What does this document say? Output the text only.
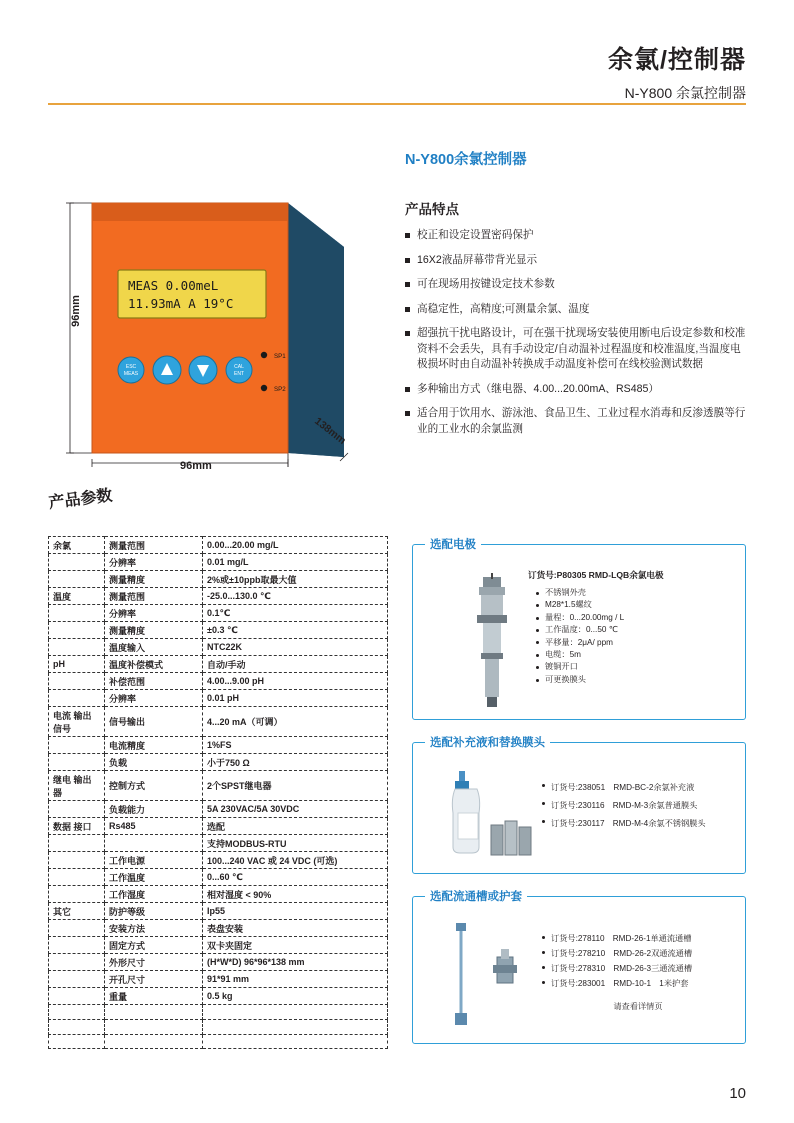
余氯/控制器
N-Y800 余氯控制器
N-Y800余氯控制器
产品特点
校正和设定设置密码保护
16X2液晶屏幕带背光显示
可在现场用按键设定技术参数
高稳定性，高精度;可测量余氯、温度
超强抗干扰电路设计，可在强干扰现场安装使用断电后设定参数和校准资料不会丢失，具有手动设定/自动温补过程温度和校准温度,当温度电极损坏时由自动温补转换成手动温度补偿可在线校验测试数据
多种输出方式（继电器、4.00...20.00mA、RS485）
适合用于饮用水、游泳池、食品卫生、工业过程水消毒和反渗透膜等行业的工业水的余氯监测
MEAS 0.00meL
11.93mA A 19°C
ESC
MEAS
CAL
ENT
SP1
SP2
96mm
96mm
138mm
产品参数
余氯	测量范围	0.00...20.00 mg/L
	分辨率	0.01 mg/L
	测量精度	2%或±10ppb取最大值
温度	测量范围	-25.0...130.0 ℃
	分辨率	0.1℃
	测量精度	±0.3 ℃
	温度输入	NTC22K
pH	温度补偿模式	自动/手动
	补偿范围	4.00...9.00 pH
	分辨率	0.01 pH
电流 输出信号	信号输出	4...20 mA（可调）
	电流精度	1%FS
	负载	小于750 Ω
继电 输出器	控制方式	2个SPST继电器
	负载能力	5A 230VAC/5A 30VDC
数据 接口	Rs485	选配
		支持MODBUS-RTU
	工作电源	100...240 VAC 或 24 VDC (可选)
	工作温度	0...60 ℃
	工作湿度	相对湿度 < 90%
其它	防护等级	Ip55
	安装方法	表盘安装
	固定方式	双卡夹固定
	外形尺寸	(H*W*D) 96*96*138 mm
	开孔尺寸	91*91 mm
	重量	0.5 kg

选配电极
订货号:P80305 RMD-LQB余氯电极
不锈钢外壳
M28*1.5螺纹
量程：0...20.00mg / L
工作温度：0...50 ℃
平移量：2μA/ ppm
电缆：5m
镀铜开口
可更换膜头
选配补充液和替换膜头
订货号:238051　RMD-BC-2余氯补充液
订货号:230116　RMD-M-3余氯普通膜头
订货号:230117　RMD-M-4余氯不锈钢膜头
选配流通槽或护套
订货号:278110　RMD-26-1单通流通槽
订货号:278210　RMD-26-2双通流通槽
订货号:278310　RMD-26-3三通流通槽
订货号:283001　RMD-10-1　1米护套
请查看详情页
10
